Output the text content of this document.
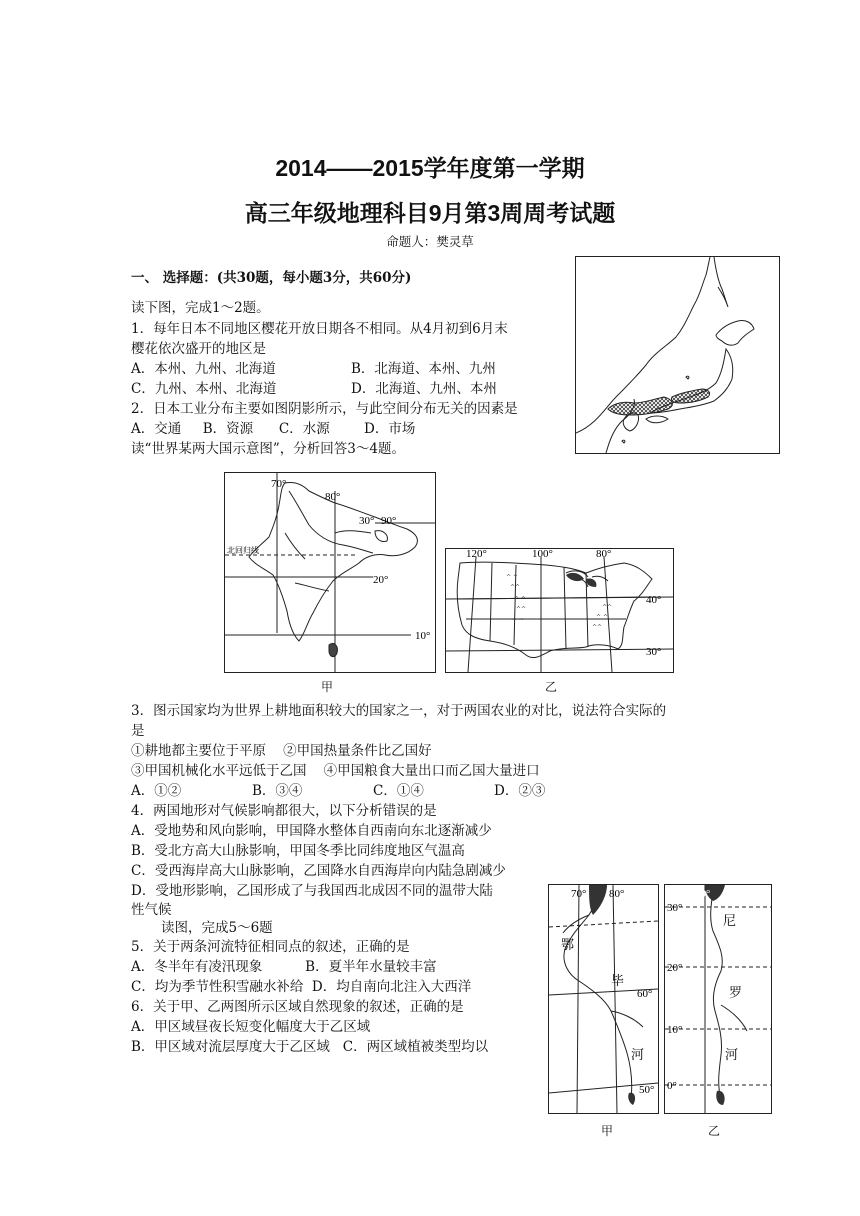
2014——2015学年度第一学期
高三年级地理科目9月第3周周考试题
命题人：樊灵草
一、 选择题：(共30题，每小题3分，共60分)
读下图，完成1～2题。
1．每年日本不同地区樱花开放日期各不相同。从4月初到6月末
樱花依次盛开的地区是
A．本州、九州、北海道	B．北海道、本州、九州
C．九州、本州、北海道	D．北海道、九州、本州
2．日本工业分布主要如图阴影所示，与此空间分布无关的因素是
A．交通     B．资源      C．水源        D．市场
读“世界某两大国示意图”，分析回答3～4题。
70°
80°
30° 90°
北回归线
20°
10°
甲
^ ^
^^
^ ^
^^
^ ^
^^
^ ^
^^
120°	100°	80°
40°
30°
乙
3．图示国家均为世界上耕地面积较大的国家之一，对于两国农业的对比，说法符合实际的
是
①耕地都主要位于平原    ②甲国热量条件比乙国好
③甲国机械化水平远低于乙国    ④甲国粮食大量出口而乙国大量进口
A．①②	B．③④	C．①④	D．②③
4．两国地形对气候影响都很大，以下分析错误的是
A．受地势和风向影响，甲国降水整体自西南向东北逐渐减少
B．受北方高大山脉影响，甲国冬季比同纬度地区气温高
C．受西海岸高大山脉影响，乙国降水自西海岸向内陆急剧减少
D．受地形影响，乙国形成了与我国西北成因不同的温带大陆
性气候
读图，完成5～6题
5．关于两条河流特征相同点的叙述，正确的是
A．冬半年有凌汛现象          B．夏半年水量较丰富
C．均为季节性积雪融水补给  D．均自南向北注入大西洋
6．关于甲、乙两图所示区域自然现象的叙述，正确的是
A．甲区域昼夜长短变化幅度大于乙区域
B．甲区域对流层厚度大于乙区域   C．两区域植被类型均以
70° 80°
60°
50°
鄂
毕
河
甲
30°
30°
20°
10°
0°
尼
罗
河
乙
